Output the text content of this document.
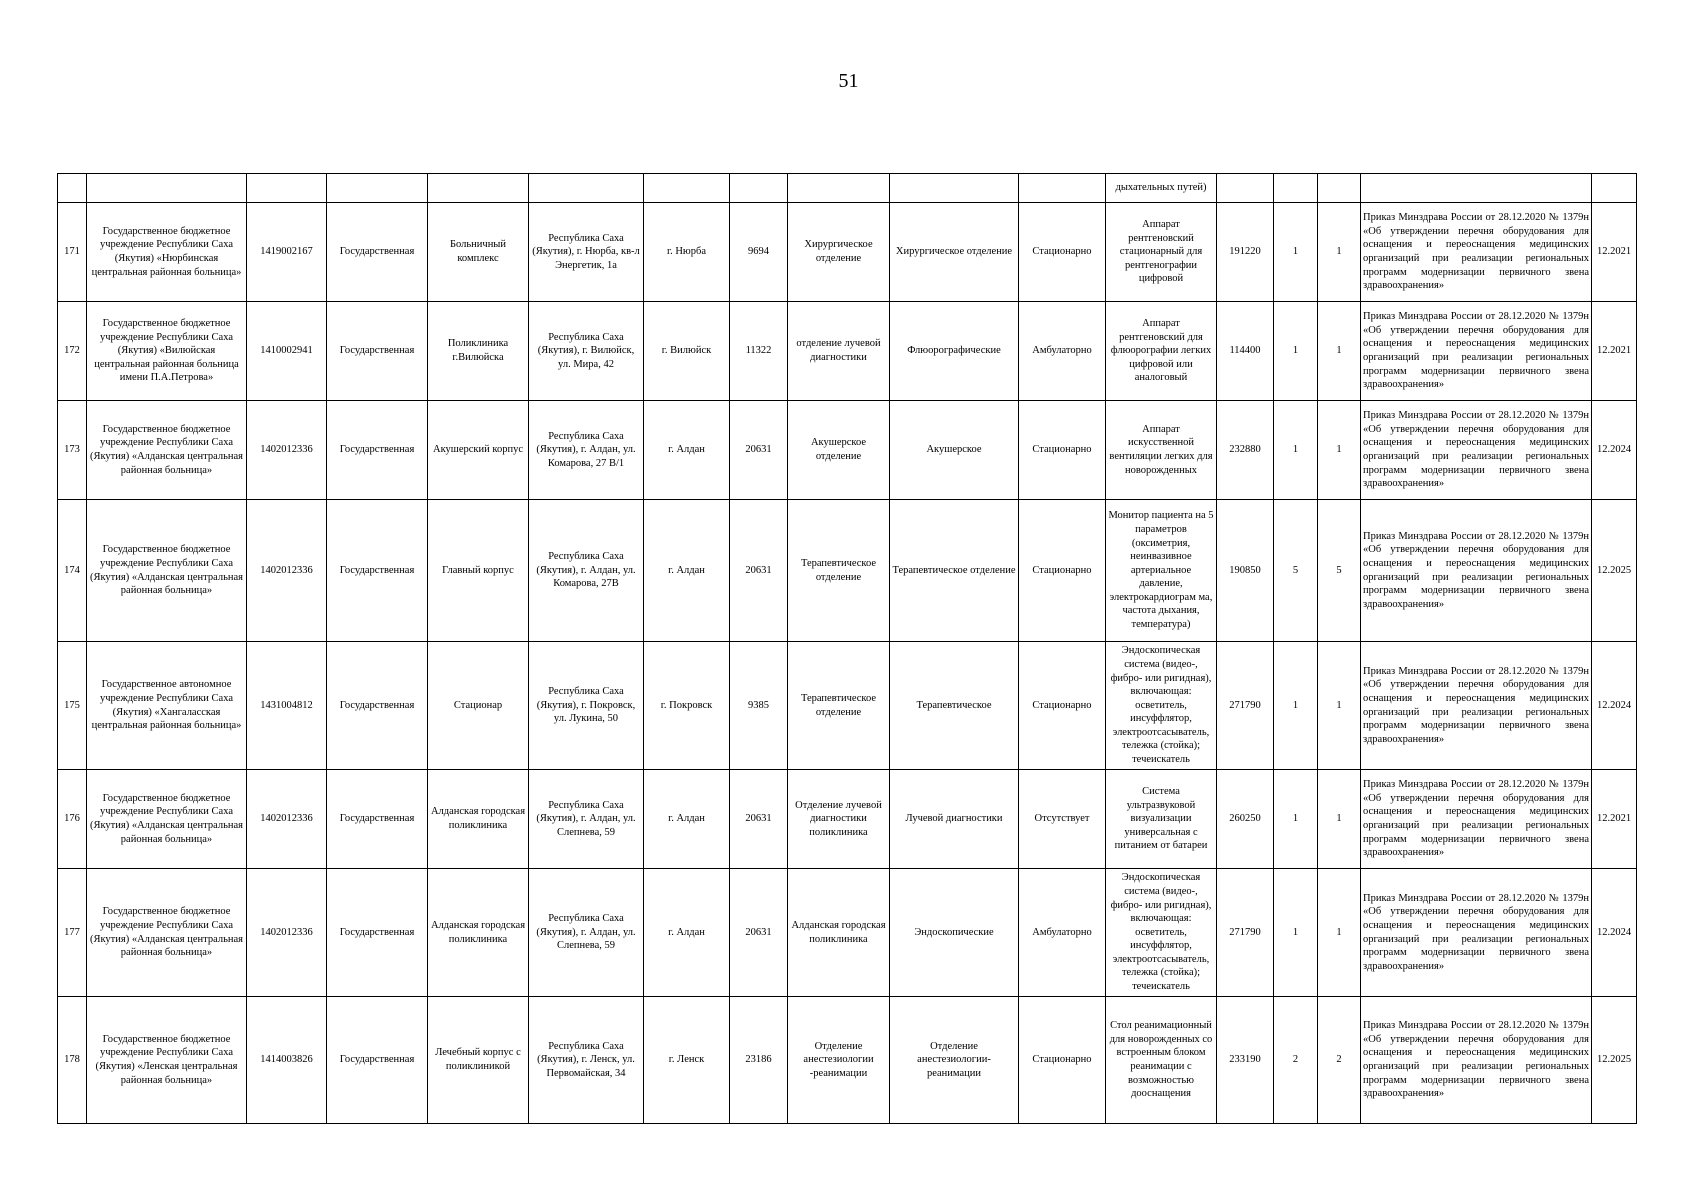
51
											дыхательных путей)					
171	Государственное бюджетное учреждение Республики Саха (Якутия) «Нюрбинская центральная районная больница»	1419002167	Государственная	Больничный комплекс	Республика Саха (Якутия), г. Нюрба, кв-л Энергетик, 1а	г. Нюрба	9694	Хирургическое отделение	Хирургическое отделение	Стационарно	Аппарат рентгеновский стационарный для рентгенографии цифровой	191220	1	1	Приказ Минздрава России от 28.12.2020 № 1379н «Об утверждении перечня оборудования для оснащения и переоснащения медицинских организаций при реализации региональных программ модернизации первичного звена здравоохранения»	12.2021
172	Государственное бюджетное учреждение Республики Саха (Якутия) «Вилюйская центральная районная больница имени П.А.Петрова»	1410002941	Государственная	Поликлиника г.Вилюйска	Республика Саха (Якутия), г. Вилюйск, ул. Мира, 42	г. Вилюйск	11322	отделение лучевой диагностики	Флюорографические	Амбулаторно	Аппарат рентгеновский для флюорографии легких цифровой или аналоговый	114400	1	1	Приказ Минздрава России от 28.12.2020 № 1379н «Об утверждении перечня оборудования для оснащения и переоснащения медицинских организаций при реализации региональных программ модернизации первичного звена здравоохранения»	12.2021
173	Государственное бюджетное учреждение Республики Саха (Якутия) «Алданская центральная районная больница»	1402012336	Государственная	Акушерский корпус	Республика Саха (Якутия), г. Алдан, ул. Комарова, 27 В/1	г. Алдан	20631	Акушерское отделение	Акушерское	Стационарно	Аппарат искусственной вентиляции легких для новорожденных	232880	1	1	Приказ Минздрава России от 28.12.2020 № 1379н «Об утверждении перечня оборудования для оснащения и переоснащения медицинских организаций при реализации региональных программ модернизации первичного звена здравоохранения»	12.2024
174	Государственное бюджетное учреждение Республики Саха (Якутия) «Алданская центральная районная больница»	1402012336	Государственная	Главный корпус	Республика Саха (Якутия), г. Алдан, ул. Комарова, 27В	г. Алдан	20631	Терапевтическое отделение	Терапевтическое отделение	Стационарно	Монитор пациента на 5 параметров (оксиметрия, неинвазивное артериальное давление, электрокардиограм ма, частота дыхания, температура)	190850	5	5	Приказ Минздрава России от 28.12.2020 № 1379н «Об утверждении перечня оборудования для оснащения и переоснащения медицинских организаций при реализации региональных программ модернизации первичного звена здравоохранения»	12.2025
175	Государственное автономное учреждение Республики Саха (Якутия) «Хангаласская центральная районная больница»	1431004812	Государственная	Стационар	Республика Саха (Якутия), г. Покровск, ул. Лукина, 50	г. Покровск	9385	Терапевтическое отделение	Терапевтическое	Стационарно	Эндоскопическая система (видео-, фибро- или ригидная), включающая: осветитель, инсуффлятор, электроотсасыватель, тележка (стойка); течеискатель	271790	1	1	Приказ Минздрава России от 28.12.2020 № 1379н «Об утверждении перечня оборудования для оснащения и переоснащения медицинских организаций при реализации региональных программ модернизации первичного звена здравоохранения»	12.2024
176	Государственное бюджетное учреждение Республики Саха (Якутия) «Алданская центральная районная больница»	1402012336	Государственная	Алданская городская поликлиника	Республика Саха (Якутия), г. Алдан, ул. Слепнева, 59	г. Алдан	20631	Отделение лучевой диагностики поликлиника	Лучевой диагностики	Отсутствует	Система ультразвуковой визуализации универсальная с питанием от батареи	260250	1	1	Приказ Минздрава России от 28.12.2020 № 1379н «Об утверждении перечня оборудования для оснащения и переоснащения медицинских организаций при реализации региональных программ модернизации первичного звена здравоохранения»	12.2021
177	Государственное бюджетное учреждение Республики Саха (Якутия) «Алданская центральная районная больница»	1402012336	Государственная	Алданская городская поликлиника	Республика Саха (Якутия), г. Алдан, ул. Слепнева, 59	г. Алдан	20631	Алданская городская поликлиника	Эндоскопические	Амбулаторно	Эндоскопическая система (видео-, фибро- или ригидная), включающая: осветитель, инсуффлятор, электроотсасыватель, тележка (стойка); течеискатель	271790	1	1	Приказ Минздрава России от 28.12.2020 № 1379н «Об утверждении перечня оборудования для оснащения и переоснащения медицинских организаций при реализации региональных программ модернизации первичного звена здравоохранения»	12.2024
178	Государственное бюджетное учреждение Республики Саха (Якутия) «Ленская центральная районная больница»	1414003826	Государственная	Лечебный корпус с поликлиникой	Республика Саха (Якутия), г. Ленск, ул. Первомайская, 34	г. Ленск	23186	Отделение анестезиологии -реанимации	Отделение анестезиологии-реанимации	Стационарно	Стол реанимационный для новорожденных со встроенным блоком реанимации с возможностью дооснащения	233190	2	2	Приказ Минздрава России от 28.12.2020 № 1379н «Об утверждении перечня оборудования для оснащения и переоснащения медицинских организаций при реализации региональных программ модернизации первичного звена здравоохранения»	12.2025
